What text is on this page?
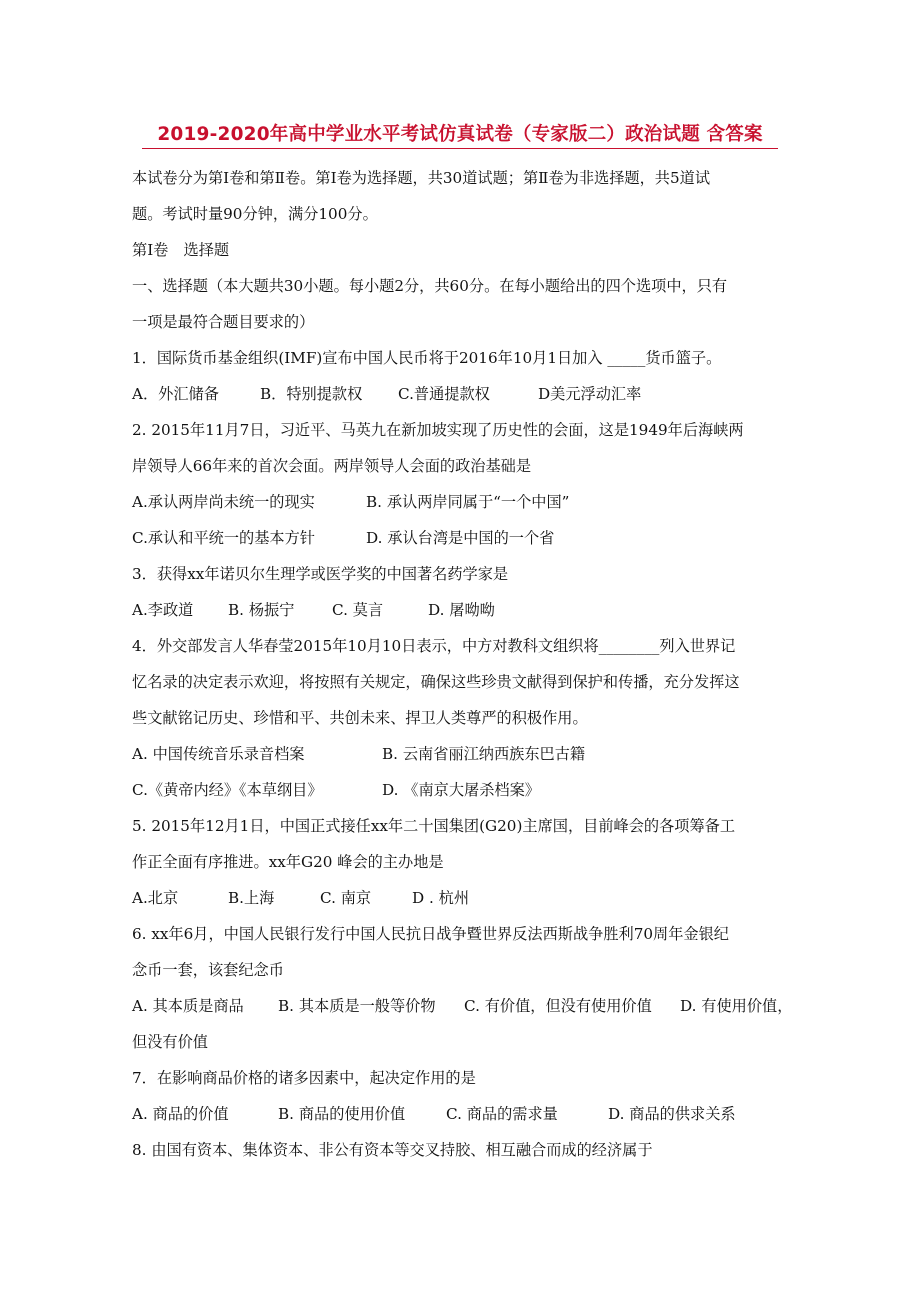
2019-2020年高中学业水平考试仿真试卷（专家版二）政治试题 含答案
本试卷分为第Ⅰ卷和第Ⅱ卷。第Ⅰ卷为选择题，共30道试题；第Ⅱ卷为非选择题，共5道试
题。考试时量90分钟，满分100分。
第Ⅰ卷　选择题
一、选择题（本大题共30小题。每小题2分，共60分。在每小题给出的四个选项中，只有
一项是最符合题目要求的）
1．国际货币基金组织(IMF)宣布中国人民币将于2016年10月1日加入 _____货币篮子。
A．外汇储备	B．特别提款权	C.普通提款权	D美元浮动汇率
2. 2015年11月7日，习近平、马英九在新加坡实现了历史性的会面，这是1949年后海峡两
岸领导人66年来的首次会面。两岸领导人会面的政治基础是
A.承认两岸尚未统一的现实	B. 承认两岸同属于“一个中国”
C.承认和平统一的基本方针	D. 承认台湾是中国的一个省
3．获得xx年诺贝尔生理学或医学奖的中国著名药学家是
A.李政道	B. 杨振宁	C. 莫言	D. 屠呦呦
4．外交部发言人华春莹2015年10月10日表示，中方对教科文组织将________列入世界记
忆名录的决定表示欢迎，将按照有关规定，确保这些珍贵文献得到保护和传播，充分发挥这
些文献铭记历史、珍惜和平、共创未来、捍卫人类尊严的积极作用。
A. 中国传统音乐录音档案	B. 云南省丽江纳西族东巴古籍
C.《黄帝内经》《本草纲目》	D. 《南京大屠杀档案》
5. 2015年12月1日，中国正式接任xx年二十国集团(G20)主席国，目前峰会的各项筹备工
作正全面有序推进。xx年G20 峰会的主办地是
A.北京	B.上海	C. 南京	D . 杭州
6. xx年6月，中国人民银行发行中国人民抗日战争暨世界反法西斯战争胜利70周年金银纪
念币一套，该套纪念币
A. 其本质是商品	B. 其本质是一般等价物	C. 有价值，但没有使用价值	D. 有使用价值，
但没有价值
7．在影响商品价格的诸多因素中，起决定作用的是
A. 商品的价值	B. 商品的使用价值	C. 商品的需求量	D. 商品的供求关系
8. 由国有资本、集体资本、非公有资本等交叉持胶、相互融合而成的经济属于
